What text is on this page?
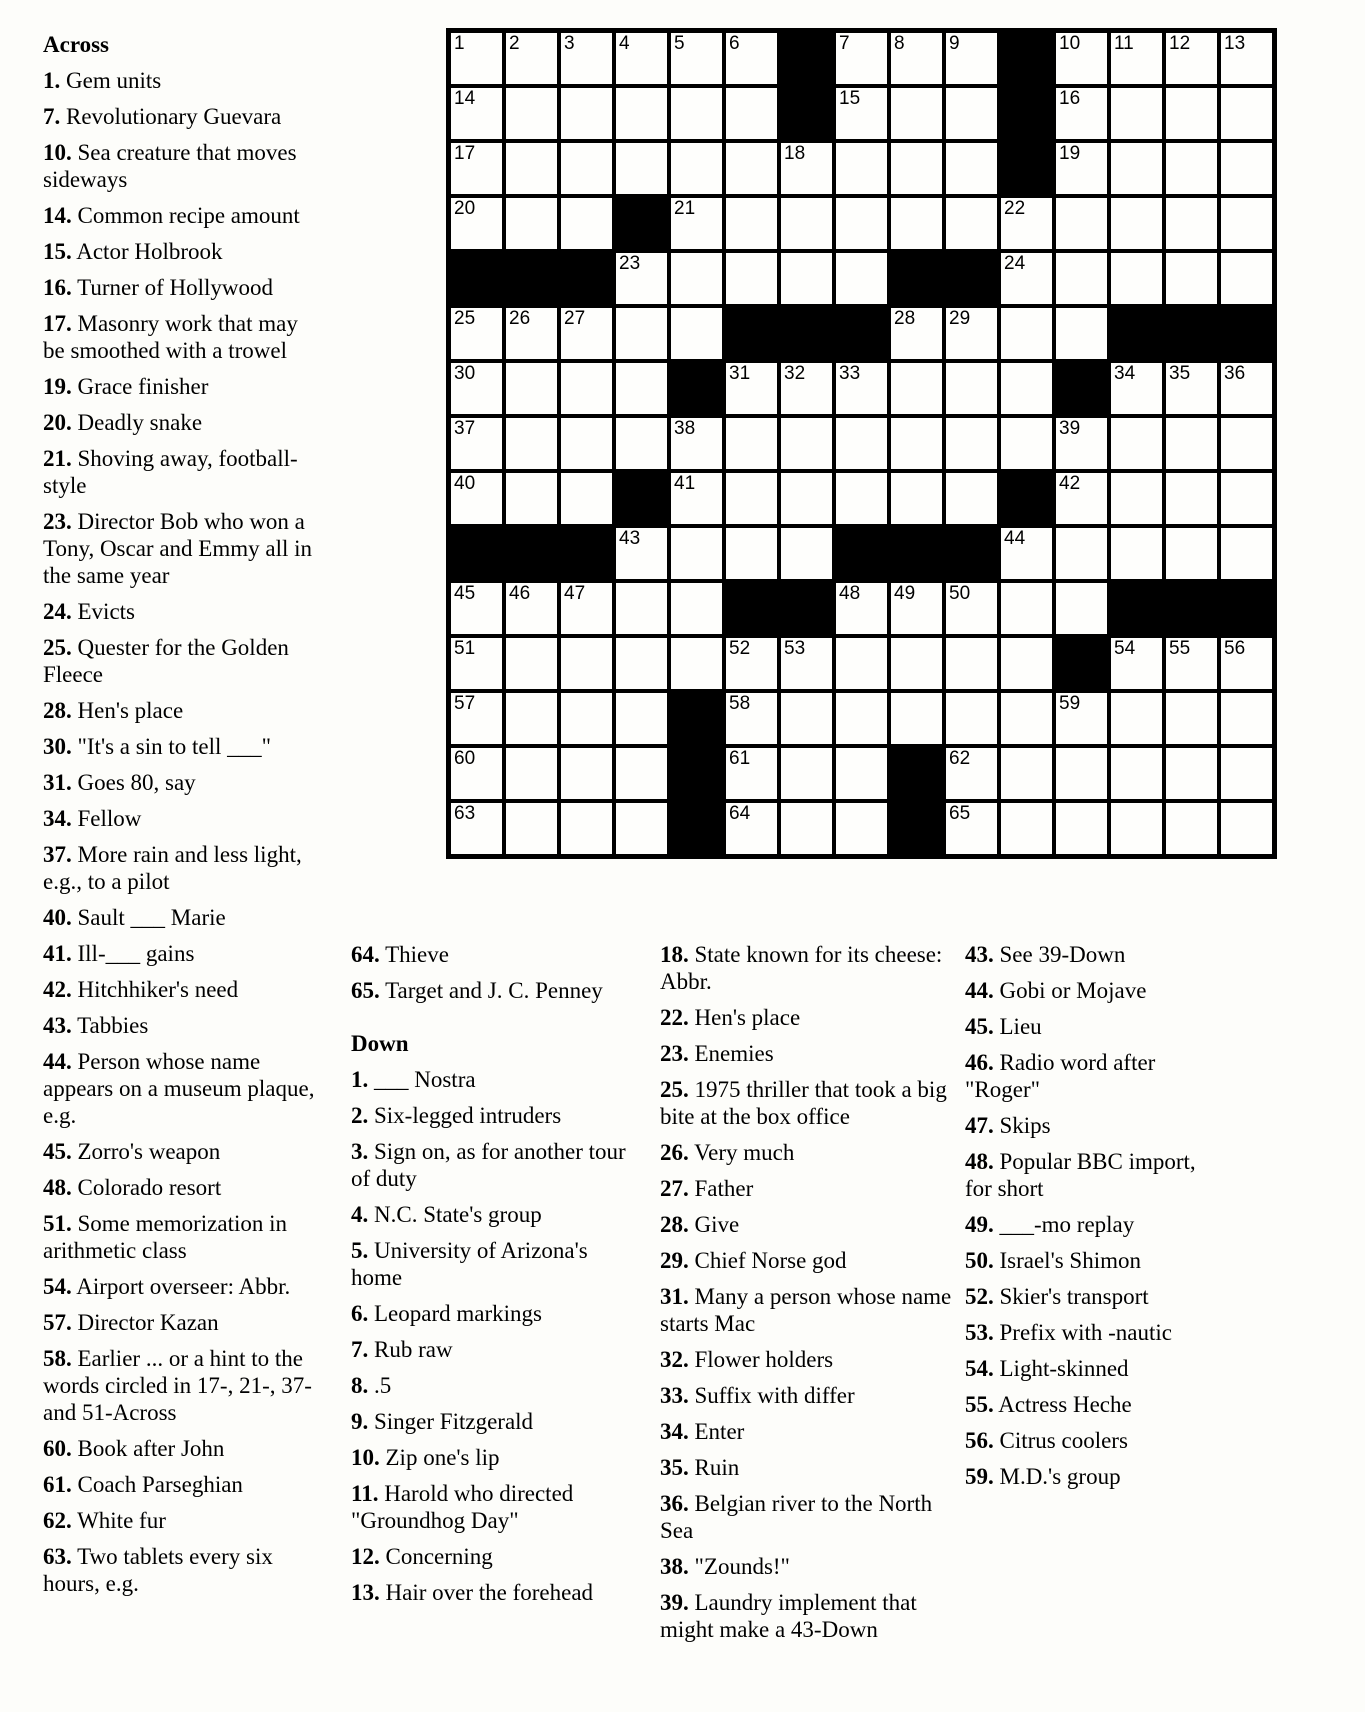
1 2 3 4 5 6	7 8 9	10 11 12 13
14	15	16
17	18	19
20	21	22
23	24
25 26 27	28 29
30	31 32 33	34 35 36
37	38	39
40	41	42
43	44
45 46 47	48 49 50
51	52 53	54 55 56
57	58	59
60	61	62
63	64	65

Across

1. Gem units

7. Revolutionary Guevara

10. Sea creature that moves sideways

14. Common recipe amount

15. Actor Holbrook

16. Turner of Hollywood

17. Masonry work that may be smoothed with a trowel

19. Grace finisher

20. Deadly snake

21. Shoving away, football-style

23. Director Bob who won a Tony, Oscar and Emmy all in the same year

24. Evicts

25. Quester for the Golden Fleece

28. Hen's place

30. "It's a sin to tell ___"

31. Goes 80, say

34. Fellow

37. More rain and less light, e.g., to a pilot

40. Sault ___ Marie

41. Ill-___ gains

42. Hitchhiker's need

43. Tabbies

44. Person whose name appears on a museum plaque, e.g.

45. Zorro's weapon

48. Colorado resort

51. Some memorization in arithmetic class

54. Airport overseer: Abbr.

57. Director Kazan

58. Earlier ... or a hint to the words circled in 17-, 21-, 37- and 51-Across

60. Book after John

61. Coach Parseghian

62. White fur

63. Two tablets every six hours, e.g.

64. Thieve

65. Target and J. C. Penney

Down

1. ___ Nostra

2. Six-legged intruders

3. Sign on, as for another tour of duty

4. N.C. State's group

5. University of Arizona's home

6. Leopard markings

7. Rub raw

8. .5

9. Singer Fitzgerald

10. Zip one's lip

11. Harold who directed "Groundhog Day"

12. Concerning

13. Hair over the forehead

18. State known for its cheese: Abbr.

22. Hen's place

23. Enemies

25. 1975 thriller that took a big bite at the box office

26. Very much

27. Father

28. Give

29. Chief Norse god

31. Many a person whose name starts Mac

32. Flower holders

33. Suffix with differ

34. Enter

35. Ruin

36. Belgian river to the North Sea

38. "Zounds!"

39. Laundry implement that might make a 43-Down

43. See 39-Down

44. Gobi or Mojave

45. Lieu

46. Radio word after "Roger"

47. Skips

48. Popular BBC import, for short

49. ___-mo replay

50. Israel's Shimon

52. Skier's transport

53. Prefix with -nautic

54. Light-skinned

55. Actress Heche

56. Citrus coolers

59. M.D.'s group
